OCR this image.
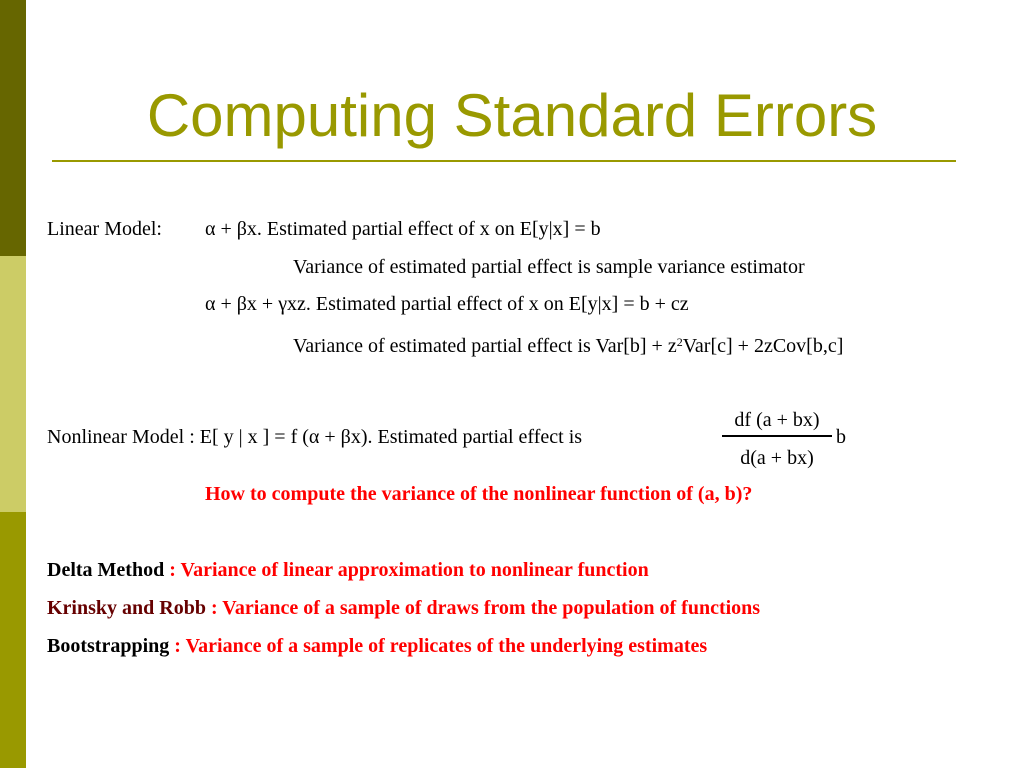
Computing Standard Errors
Linear Model: α + βx. Estimated partial effect of x on E[y|x] = b
Variance of estimated partial effect is sample variance estimator
α + βx + γxz. Estimated partial effect of x on E[y|x] = b + cz
Variance of estimated partial effect is $Var[b] + z^2Var[c]$ + 2zCov[b,c]
Nonlinear Model : E[ y | x ] = f (α + βx). Estimated partial effect is
df (a + bx)
d(a + bx)
b
How to compute the variance of the nonlinear function of (a, b)?
Delta Method : Variance of linear approximation to nonlinear function
Krinsky and Robb : Variance of a sample of draws from the population of functions
Bootstrapping : Variance of a sample of replicates of the underlying estimates
